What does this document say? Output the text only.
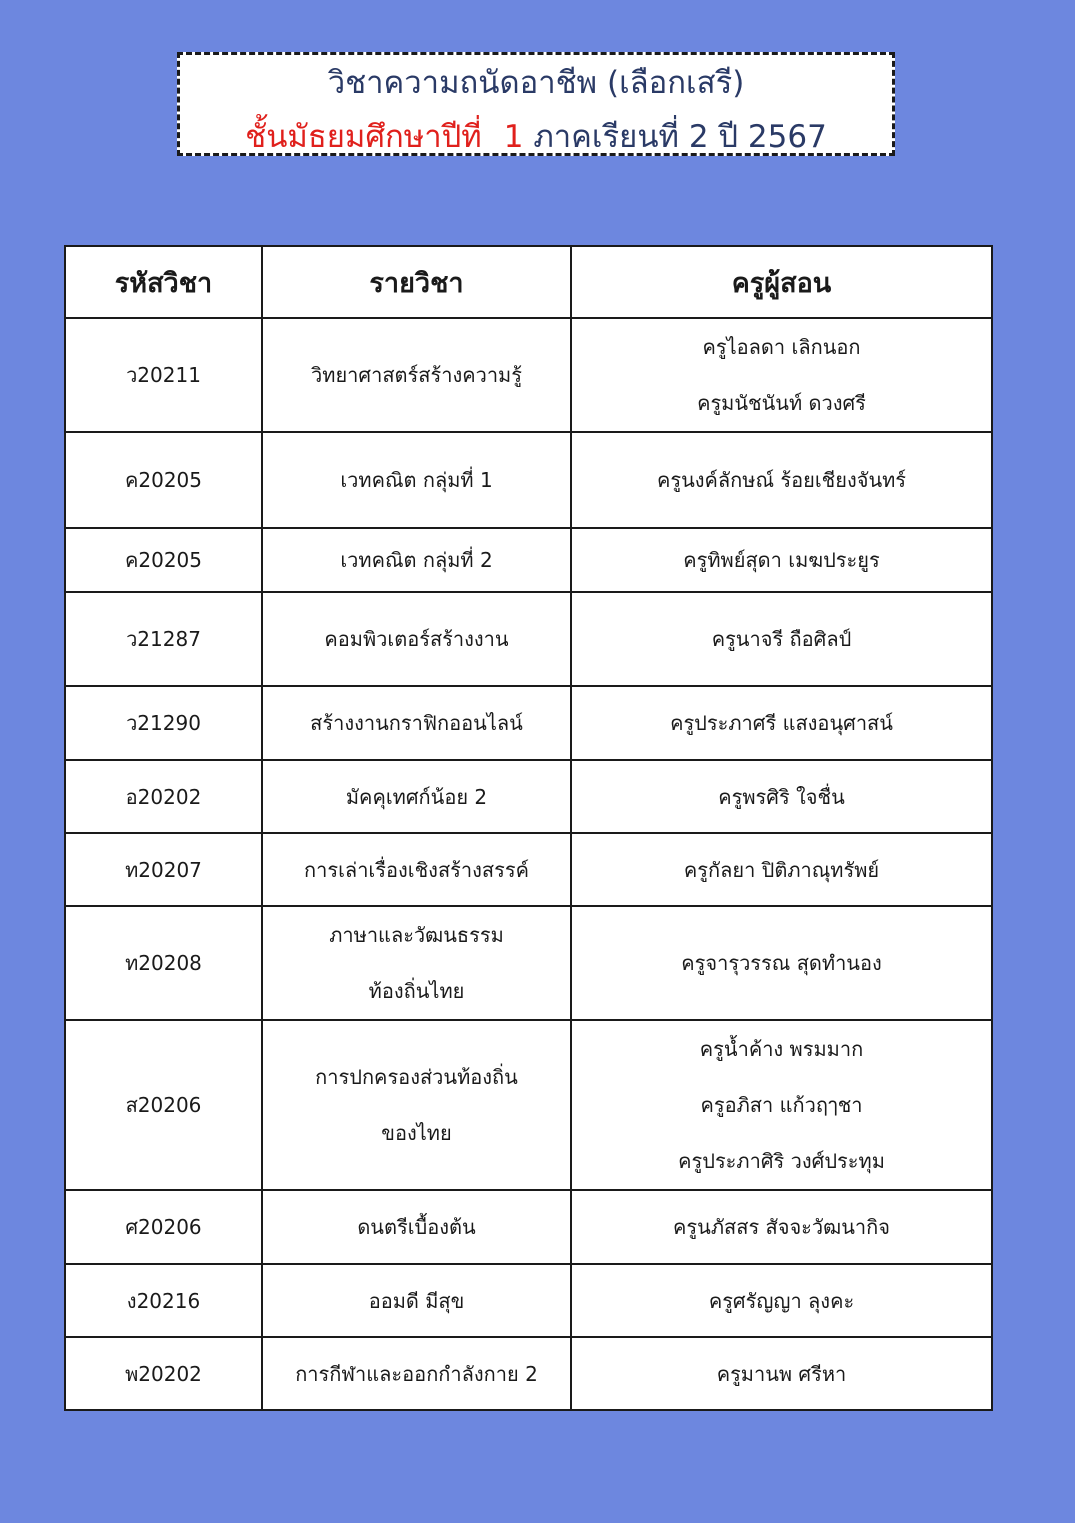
วิชาความถนัดอาชีพ (เลือกเสรี)
ชั้นมัธยมศึกษาปีที่ 1 ภาคเรียนที่ 2 ปี 2567
รหัสวิชา	รายวิชา	ครูผู้สอน
ว20211	วิทยาศาสตร์สร้างความรู้	ครูไอลดา เลิกนอก
ครูมนัชนันท์ ดวงศรี

ค20205	เวทคณิต กลุ่มที่ 1	ครูนงค์ลักษณ์ ร้อยเชียงจันทร์

ค20205	เวทคณิต กลุ่มที่ 2	ครูทิพย์สุดา เมฆประยูร

ว21287	คอมพิวเตอร์สร้างงาน	ครูนาจรี ถือศิลป์

ว21290	สร้างงานกราฟิกออนไลน์	ครูประภาศรี แสงอนุศาสน์

อ20202	มัคคุเทศก์น้อย 2	ครูพรศิริ ใจชื่น

ท20207	การเล่าเรื่องเชิงสร้างสรรค์	ครูกัลยา ปิติภาณุทรัพย์

ท20208	ภาษาและวัฒนธรรม
ท้องถิ่นไทย	ครูจารุวรรณ สุดทำนอง

ส20206	การปกครองส่วนท้องถิ่น
ของไทย	ครูน้ำค้าง พรมมาก
ครูอภิสา แก้วฤๅชา
ครูประภาศิริ วงศ์ประทุม

ศ20206	ดนตรีเบื้องต้น	ครูนภัสสร สัจจะวัฒนากิจ

ง20216	ออมดี มีสุข	ครูศรัญญา ลุงคะ

พ20202	การกีฬาและออกกำลังกาย 2	ครูมานพ ศรีหา
